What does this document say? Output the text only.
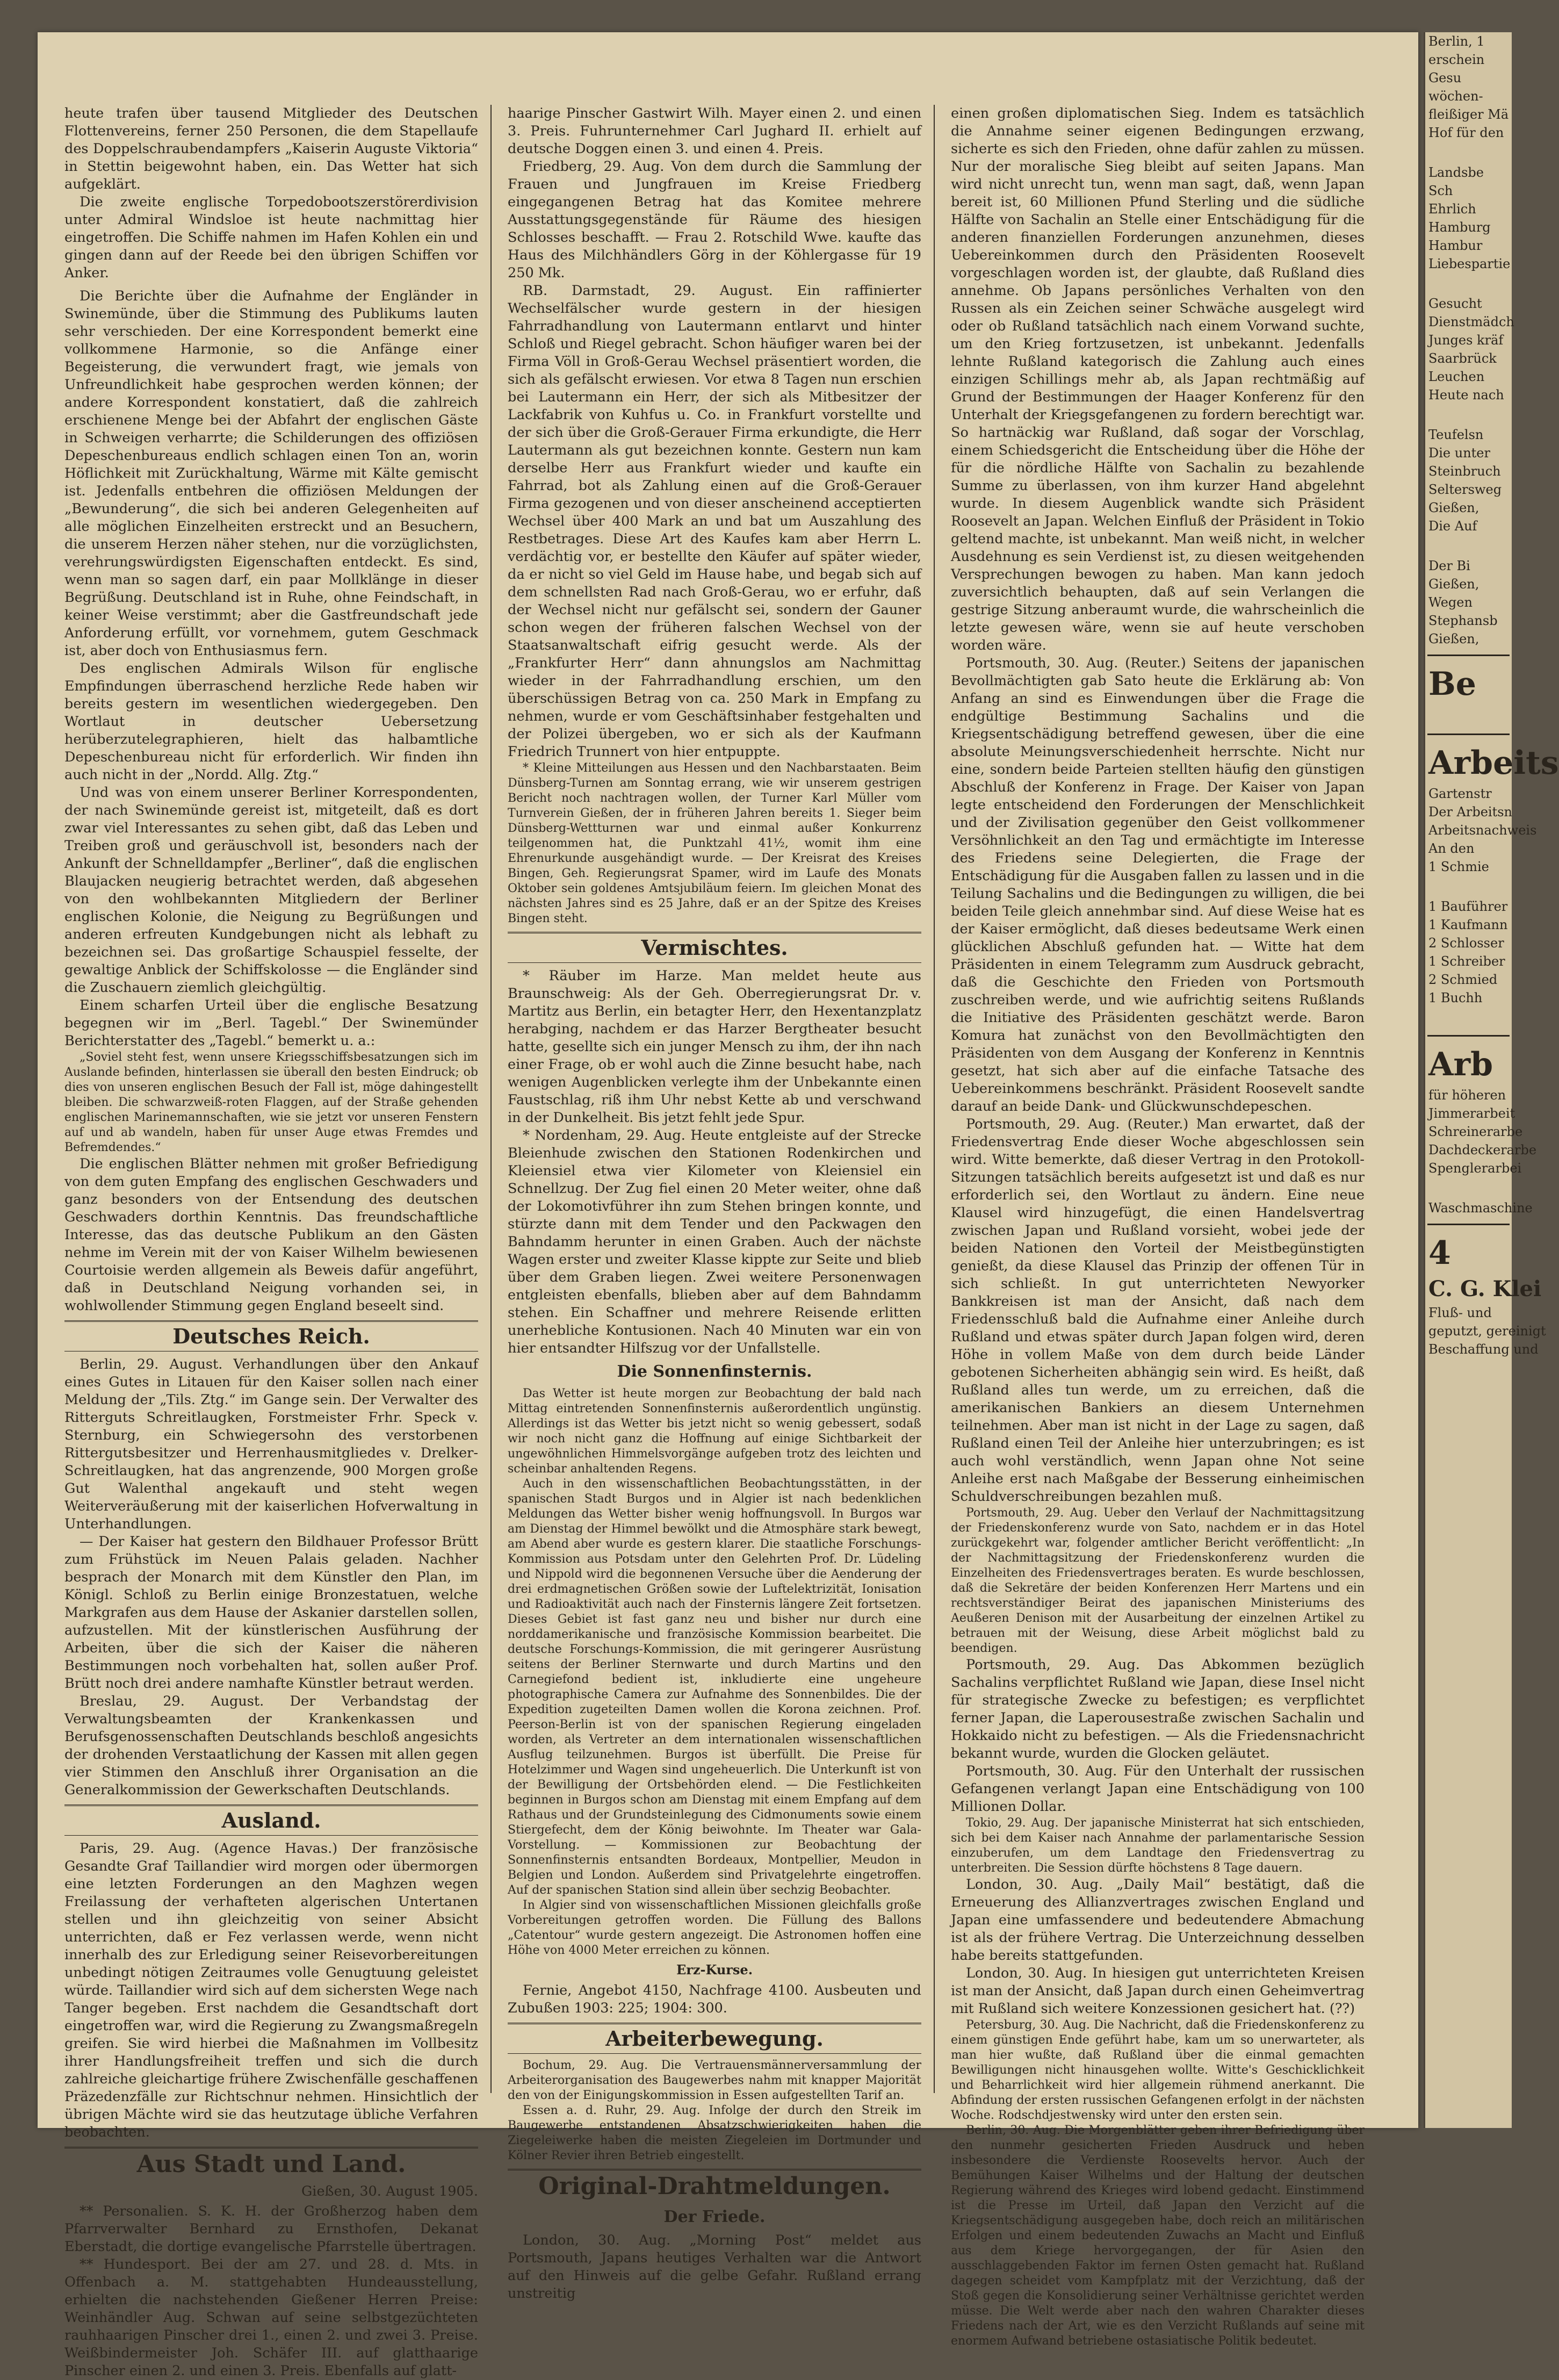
heute trafen über tausend Mitglieder des Deutschen Flottenvereins, ferner 250 Personen, die dem Stapellaufe des Doppelschraubendampfers „Kaiserin Auguste Viktoria“ in Stettin beigewohnt haben, ein. Das Wetter hat sich aufgeklärt.

Die zweite englische Torpedobootszerstörerdivision unter Admiral Windsloe ist heute nachmittag hier eingetroffen. Die Schiffe nahmen im Hafen Kohlen ein und gingen dann auf der Reede bei den übrigen Schiffen vor Anker.

Die Berichte über die Aufnahme der Engländer in Swinemünde, über die Stimmung des Publikums lauten sehr verschieden. Der eine Korrespondent bemerkt eine vollkommene Harmonie, so die Anfänge einer Begeisterung, die verwundert fragt, wie jemals von Unfreundlichkeit habe gesprochen werden können; der andere Korrespondent konstatiert, daß die zahlreich erschienene Menge bei der Abfahrt der englischen Gäste in Schweigen verharrte; die Schilderungen des offiziösen Depeschenbureaus endlich schlagen einen Ton an, worin Höflichkeit mit Zurückhaltung, Wärme mit Kälte gemischt ist. Jedenfalls entbehren die offiziösen Meldungen der „Bewunderung“, die sich bei anderen Gelegenheiten auf alle möglichen Einzelheiten erstreckt und an Besuchern, die unserem Herzen näher stehen, nur die vorzüglichsten, verehrungswürdigsten Eigenschaften entdeckt. Es sind, wenn man so sagen darf, ein paar Mollklänge in dieser Begrüßung. Deutschland ist in Ruhe, ohne Feindschaft, in keiner Weise verstimmt; aber die Gastfreundschaft jede Anforderung erfüllt, vor vornehmem, gutem Geschmack ist, aber doch von Enthusiasmus fern.

Des englischen Admirals Wilson für englische Empfindungen überraschend herzliche Rede haben wir bereits gestern im wesentlichen wiedergegeben. Den Wortlaut in deutscher Uebersetzung herüberzutelegraphieren, hielt das halbamtliche Depeschenbureau nicht für erforderlich. Wir finden ihn auch nicht in der „Nordd. Allg. Ztg.“

Und was von einem unserer Berliner Korrespondenten, der nach Swinemünde gereist ist, mitgeteilt, daß es dort zwar viel Interessantes zu sehen gibt, daß das Leben und Treiben groß und geräuschvoll ist, besonders nach der Ankunft der Schnelldampfer „Berliner“, daß die englischen Blaujacken neugierig betrachtet werden, daß abgesehen von den wohlbekannten Mitgliedern der Berliner englischen Kolonie, die Neigung zu Begrüßungen und anderen erfreuten Kundgebungen nicht als lebhaft zu bezeichnen sei. Das großartige Schauspiel fesselte, der gewaltige Anblick der Schiffskolosse — die Engländer sind die Zuschauern ziemlich gleichgültig.

Einem scharfen Urteil über die englische Besatzung begegnen wir im „Berl. Tagebl.“ Der Swinemünder Berichterstatter des „Tagebl.“ bemerkt u. a.:

„Soviel steht fest, wenn unsere Kriegsschiffsbesatzungen sich im Auslande befinden, hinterlassen sie überall den besten Eindruck; ob dies von unseren englischen Besuch der Fall ist, möge dahingestellt bleiben. Die schwarzweiß-roten Flaggen, auf der Straße gehenden englischen Marinemannschaften, wie sie jetzt vor unseren Fenstern auf und ab wandeln, haben für unser Auge etwas Fremdes und Befremdendes.“

Die englischen Blätter nehmen mit großer Befriedigung von dem guten Empfang des englischen Geschwaders und ganz besonders von der Entsendung des deutschen Geschwaders dorthin Kenntnis. Das freundschaftliche Interesse, das das deutsche Publikum an den Gästen nehme im Verein mit der von Kaiser Wilhelm bewiesenen Courtoisie werden allgemein als Beweis dafür angeführt, daß in Deutschland Neigung vorhanden sei, in wohlwollender Stimmung gegen England beseelt sind.

Deutsches Reich.

Berlin, 29. August. Verhandlungen über den Ankauf eines Gutes in Litauen für den Kaiser sollen nach einer Meldung der „Tils. Ztg.“ im Gange sein. Der Verwalter des Ritterguts Schreitlaugken, Forstmeister Frhr. Speck v. Sternburg, ein Schwiegersohn des verstorbenen Rittergutsbesitzer und Herrenhausmitgliedes v. Drelker-Schreitlaugken, hat das angrenzende, 900 Morgen große Gut Walenthal angekauft und steht wegen Weiterveräußerung mit der kaiserlichen Hofverwaltung in Unterhandlungen.

— Der Kaiser hat gestern den Bildhauer Professor Brütt zum Frühstück im Neuen Palais geladen. Nachher besprach der Monarch mit dem Künstler den Plan, im Königl. Schloß zu Berlin einige Bronzestatuen, welche Markgrafen aus dem Hause der Askanier darstellen sollen, aufzustellen. Mit der künstlerischen Ausführung der Arbeiten, über die sich der Kaiser die näheren Bestimmungen noch vorbehalten hat, sollen außer Prof. Brütt noch drei andere namhafte Künstler betraut werden.

Breslau, 29. August. Der Verbandstag der Verwaltungsbeamten der Krankenkassen und Berufsgenossenschaften Deutschlands beschloß angesichts der drohenden Verstaatlichung der Kassen mit allen gegen vier Stimmen den Anschluß ihrer Organisation an die Generalkommission der Gewerkschaften Deutschlands.

Ausland.

Paris, 29. Aug. (Agence Havas.) Der französische Gesandte Graf Taillandier wird morgen oder übermorgen eine letzten Forderungen an den Maghzen wegen Freilassung der verhafteten algerischen Untertanen stellen und ihn gleichzeitig von seiner Absicht unterrichten, daß er Fez verlassen werde, wenn nicht innerhalb des zur Erledigung seiner Reisevorbereitungen unbedingt nötigen Zeitraumes volle Genugtuung geleistet würde. Taillandier wird sich auf dem sichersten Wege nach Tanger begeben. Erst nachdem die Gesandtschaft dort eingetroffen war, wird die Regierung zu Zwangsmaßregeln greifen. Sie wird hierbei die Maßnahmen im Vollbesitz ihrer Handlungsfreiheit treffen und sich die durch zahlreiche gleichartige frühere Zwischenfälle geschaffenen Präzedenzfälle zur Richtschnur nehmen. Hinsichtlich der übrigen Mächte wird sie das heutzutage übliche Verfahren beobachten.

Aus Stadt und Land.
Gießen, 30. August 1905.

** Personalien. S. K. H. der Großherzog haben dem Pfarrverwalter Bernhard zu Ernsthofen, Dekanat Eberstadt, die dortige evangelische Pfarrstelle übertragen.

** Hundesport. Bei der am 27. und 28. d. Mts. in Offenbach a. M. stattgehabten Hundeausstellung, erhielten die nachstehenden Gießener Herren Preise: Weinhändler Aug. Schwan auf seine selbstgezüchteten rauhhaarigen Pinscher drei 1., einen 2. und zwei 3. Preise. Weißbindermeister Joh. Schäfer III. auf glatthaarige Pinscher einen 2. und einen 3. Preis. Ebenfalls auf glatt-

haarige Pinscher Gastwirt Wilh. Mayer einen 2. und einen 3. Preis. Fuhrunternehmer Carl Jughard II. erhielt auf deutsche Doggen einen 3. und einen 4. Preis.

Friedberg, 29. Aug. Von dem durch die Sammlung der Frauen und Jungfrauen im Kreise Friedberg eingegangenen Betrag hat das Komitee mehrere Ausstattungsgegenstände für Räume des hiesigen Schlosses beschafft. — Frau 2. Rotschild Wwe. kaufte das Haus des Milchhändlers Görg in der Köhlergasse für 19 250 Mk.

RB. Darmstadt, 29. August. Ein raffinierter Wechselfälscher wurde gestern in der hiesigen Fahrradhandlung von Lautermann entlarvt und hinter Schloß und Riegel gebracht. Schon häufiger waren bei der Firma Völl in Groß-Gerau Wechsel präsentiert worden, die sich als gefälscht erwiesen. Vor etwa 8 Tagen nun erschien bei Lautermann ein Herr, der sich als Mitbesitzer der Lackfabrik von Kuhfus u. Co. in Frankfurt vorstellte und der sich über die Groß-Gerauer Firma erkundigte, die Herr Lautermann als gut bezeichnen konnte. Gestern nun kam derselbe Herr aus Frankfurt wieder und kaufte ein Fahrrad, bot als Zahlung einen auf die Groß-Gerauer Firma gezogenen und von dieser anscheinend acceptierten Wechsel über 400 Mark an und bat um Auszahlung des Restbetrages. Diese Art des Kaufes kam aber Herrn L. verdächtig vor, er bestellte den Käufer auf später wieder, da er nicht so viel Geld im Hause habe, und begab sich auf dem schnellsten Rad nach Groß-Gerau, wo er erfuhr, daß der Wechsel nicht nur gefälscht sei, sondern der Gauner schon wegen der früheren falschen Wechsel von der Staatsanwaltschaft eifrig gesucht werde. Als der „Frankfurter Herr“ dann ahnungslos am Nachmittag wieder in der Fahrradhandlung erschien, um den überschüssigen Betrag von ca. 250 Mark in Empfang zu nehmen, wurde er vom Geschäftsinhaber festgehalten und der Polizei übergeben, wo er sich als der Kaufmann Friedrich Trunnert von hier entpuppte.

* Kleine Mitteilungen aus Hessen und den Nachbarstaaten. Beim Dünsberg-Turnen am Sonntag errang, wie wir unserem gestrigen Bericht noch nachtragen wollen, der Turner Karl Müller vom Turnverein Gießen, der in früheren Jahren bereits 1. Sieger beim Dünsberg-Wettturnen war und einmal außer Konkurrenz teilgenommen hat, die Punktzahl 41½, womit ihm eine Ehrenurkunde ausgehändigt wurde. — Der Kreisrat des Kreises Bingen, Geh. Regierungsrat Spamer, wird im Laufe des Monats Oktober sein goldenes Amtsjubiläum feiern. Im gleichen Monat des nächsten Jahres sind es 25 Jahre, daß er an der Spitze des Kreises Bingen steht.

Vermischtes.

* Räuber im Harze. Man meldet heute aus Braunschweig: Als der Geh. Oberregierungsrat Dr. v. Martitz aus Berlin, ein betagter Herr, den Hexentanzplatz herabging, nachdem er das Harzer Bergtheater besucht hatte, gesellte sich ein junger Mensch zu ihm, der ihn nach einer Frage, ob er wohl auch die Zinne besucht habe, nach wenigen Augenblicken verlegte ihm der Unbekannte einen Faustschlag, riß ihm Uhr nebst Kette ab und verschwand in der Dunkelheit. Bis jetzt fehlt jede Spur.

* Nordenham, 29. Aug. Heute entgleiste auf der Strecke Bleienhude zwischen den Stationen Rodenkirchen und Kleiensiel etwa vier Kilometer von Kleiensiel ein Schnellzug. Der Zug fiel einen 20 Meter weiter, ohne daß der Lokomotivführer ihn zum Stehen bringen konnte, und stürzte dann mit dem Tender und den Packwagen den Bahndamm herunter in einen Graben. Auch der nächste Wagen erster und zweiter Klasse kippte zur Seite und blieb über dem Graben liegen. Zwei weitere Personenwagen entgleisten ebenfalls, blieben aber auf dem Bahndamm stehen. Ein Schaffner und mehrere Reisende erlitten unerhebliche Kontusionen. Nach 40 Minuten war ein von hier entsandter Hilfszug vor der Unfallstelle.

Die Sonnenfinsternis.

Das Wetter ist heute morgen zur Beobachtung der bald nach Mittag eintretenden Sonnenfinsternis außerordentlich ungünstig. Allerdings ist das Wetter bis jetzt nicht so wenig gebessert, sodaß wir noch nicht ganz die Hoffnung auf einige Sichtbarkeit der ungewöhnlichen Himmelsvorgänge aufgeben trotz des leichten und scheinbar anhaltenden Regens.

Auch in den wissenschaftlichen Beobachtungsstätten, in der spanischen Stadt Burgos und in Algier ist nach bedenklichen Meldungen das Wetter bisher wenig hoffnungsvoll. In Burgos war am Dienstag der Himmel bewölkt und die Atmosphäre stark bewegt, am Abend aber wurde es gestern klarer. Die staatliche Forschungs-Kommission aus Potsdam unter den Gelehrten Prof. Dr. Lüdeling und Nippold wird die begonnenen Versuche über die Aenderung der drei erdmagnetischen Größen sowie der Luftelektrizität, Ionisation und Radioaktivität auch nach der Finsternis längere Zeit fortsetzen. Dieses Gebiet ist fast ganz neu und bisher nur durch eine norddamerikanische und französische Kommission bearbeitet. Die deutsche Forschungs-Kommission, die mit geringerer Ausrüstung seitens der Berliner Sternwarte und durch Martins und den Carnegiefond bedient ist, inkludierte eine ungeheure photographische Camera zur Aufnahme des Sonnenbildes. Die der Expedition zugeteilten Damen wollen die Korona zeichnen. Prof. Peerson-Berlin ist von der spanischen Regierung eingeladen worden, als Vertreter an dem internationalen wissenschaftlichen Ausflug teilzunehmen. Burgos ist überfüllt. Die Preise für Hotelzimmer und Wagen sind ungeheuerlich. Die Unterkunft ist von der Bewilligung der Ortsbehörden elend. — Die Festlichkeiten beginnen in Burgos schon am Dienstag mit einem Empfang auf dem Rathaus und der Grundsteinlegung des Cidmonuments sowie einem Stiergefecht, dem der König beiwohnte. Im Theater war Gala-Vorstellung. — Kommissionen zur Beobachtung der Sonnenfinsternis entsandten Bordeaux, Montpellier, Meudon in Belgien und London. Außerdem sind Privatgelehrte eingetroffen. Auf der spanischen Station sind allein über sechzig Beobachter.

In Algier sind von wissenschaftlichen Missionen gleichfalls große Vorbereitungen getroffen worden. Die Füllung des Ballons „Catentour“ wurde gestern angezeigt. Die Astronomen hoffen eine Höhe von 4000 Meter erreichen zu können.

Erz-Kurse.

Fernie, Angebot 4150, Nachfrage 4100. Ausbeuten und Zubußen 1903: 225; 1904: 300.

Arbeiterbewegung.

Bochum, 29. Aug. Die Vertrauensmännerversammlung der Arbeiterorganisation des Baugewerbes nahm mit knapper Majorität den von der Einigungskommission in Essen aufgestellten Tarif an.

Essen a. d. Ruhr, 29. Aug. Infolge der durch den Streik im Baugewerbe entstandenen Absatzschwierigkeiten haben die Ziegeleiwerke haben die meisten Ziegeleien im Dortmunder und Kölner Revier ihren Betrieb eingestellt.

Original-Drahtmeldungen.
Der Friede.

London, 30. Aug. „Morning Post“ meldet aus Portsmouth, Japans heutiges Verhalten war die Antwort auf den Hinweis auf die gelbe Gefahr. Rußland errang unstreitig

einen großen diplomatischen Sieg. Indem es tatsächlich die Annahme seiner eigenen Bedingungen erzwang, sicherte es sich den Frieden, ohne dafür zahlen zu müssen. Nur der moralische Sieg bleibt auf seiten Japans. Man wird nicht unrecht tun, wenn man sagt, daß, wenn Japan bereit ist, 60 Millionen Pfund Sterling und die südliche Hälfte von Sachalin an Stelle einer Entschädigung für die anderen finanziellen Forderungen anzunehmen, dieses Uebereinkommen durch den Präsidenten Roosevelt vorgeschlagen worden ist, der glaubte, daß Rußland dies annehme. Ob Japans persönliches Verhalten von den Russen als ein Zeichen seiner Schwäche ausgelegt wird oder ob Rußland tatsächlich nach einem Vorwand suchte, um den Krieg fortzusetzen, ist unbekannt. Jedenfalls lehnte Rußland kategorisch die Zahlung auch eines einzigen Schillings mehr ab, als Japan rechtmäßig auf Grund der Bestimmungen der Haager Konferenz für den Unterhalt der Kriegsgefangenen zu fordern berechtigt war. So hartnäckig war Rußland, daß sogar der Vorschlag, einem Schiedsgericht die Entscheidung über die Höhe der für die nördliche Hälfte von Sachalin zu bezahlende Summe zu überlassen, von ihm kurzer Hand abgelehnt wurde. In diesem Augenblick wandte sich Präsident Roosevelt an Japan. Welchen Einfluß der Präsident in Tokio geltend machte, ist unbekannt. Man weiß nicht, in welcher Ausdehnung es sein Verdienst ist, zu diesen weitgehenden Versprechungen bewogen zu haben. Man kann jedoch zuversichtlich behaupten, daß auf sein Verlangen die gestrige Sitzung anberaumt wurde, die wahrscheinlich die letzte gewesen wäre, wenn sie auf heute verschoben worden wäre.

Portsmouth, 30. Aug. (Reuter.) Seitens der japanischen Bevollmächtigten gab Sato heute die Erklärung ab: Von Anfang an sind es Einwendungen über die Frage die endgültige Bestimmung Sachalins und die Kriegsentschädigung betreffend gewesen, über die eine absolute Meinungsverschiedenheit herrschte. Nicht nur eine, sondern beide Parteien stellten häufig den günstigen Abschluß der Konferenz in Frage. Der Kaiser von Japan legte entscheidend den Forderungen der Menschlichkeit und der Zivilisation gegenüber den Geist vollkommener Versöhnlichkeit an den Tag und ermächtigte im Interesse des Friedens seine Delegierten, die Frage der Entschädigung für die Ausgaben fallen zu lassen und in die Teilung Sachalins und die Bedingungen zu willigen, die bei beiden Teile gleich annehmbar sind. Auf diese Weise hat es der Kaiser ermöglicht, daß dieses bedeutsame Werk einen glücklichen Abschluß gefunden hat. — Witte hat dem Präsidenten in einem Telegramm zum Ausdruck gebracht, daß die Geschichte den Frieden von Portsmouth zuschreiben werde, und wie aufrichtig seitens Rußlands die Initiative des Präsidenten geschätzt werde. Baron Komura hat zunächst von den Bevollmächtigten den Präsidenten von dem Ausgang der Konferenz in Kenntnis gesetzt, hat sich aber auf die einfache Tatsache des Uebereinkommens beschränkt. Präsident Roosevelt sandte darauf an beide Dank- und Glückwunschdepeschen.

Portsmouth, 29. Aug. (Reuter.) Man erwartet, daß der Friedensvertrag Ende dieser Woche abgeschlossen sein wird. Witte bemerkte, daß dieser Vertrag in den Protokoll-Sitzungen tatsächlich bereits aufgesetzt ist und daß es nur erforderlich sei, den Wortlaut zu ändern. Eine neue Klausel wird hinzugefügt, die einen Handelsvertrag zwischen Japan und Rußland vorsieht, wobei jede der beiden Nationen den Vorteil der Meistbegünstigten genießt, da diese Klausel das Prinzip der offenen Tür in sich schließt. In gut unterrichteten Newyorker Bankkreisen ist man der Ansicht, daß nach dem Friedensschluß bald die Aufnahme einer Anleihe durch Rußland und etwas später durch Japan folgen wird, deren Höhe in vollem Maße von dem durch beide Länder gebotenen Sicherheiten abhängig sein wird. Es heißt, daß Rußland alles tun werde, um zu erreichen, daß die amerikanischen Bankiers an diesem Unternehmen teilnehmen. Aber man ist nicht in der Lage zu sagen, daß Rußland einen Teil der Anleihe hier unterzubringen; es ist auch wohl verständlich, wenn Japan ohne Not seine Anleihe erst nach Maßgabe der Besserung einheimischen Schuldverschreibungen bezahlen muß.

Portsmouth, 29. Aug. Ueber den Verlauf der Nachmittagsitzung der Friedenskonferenz wurde von Sato, nachdem er in das Hotel zurückgekehrt war, folgender amtlicher Bericht veröffentlicht: „In der Nachmittagsitzung der Friedenskonferenz wurden die Einzelheiten des Friedensvertrages beraten. Es wurde beschlossen, daß die Sekretäre der beiden Konferenzen Herr Martens und ein rechtsverständiger Beirat des japanischen Ministeriums des Aeußeren Denison mit der Ausarbeitung der einzelnen Artikel zu betrauen mit der Weisung, diese Arbeit möglichst bald zu beendigen.

Portsmouth, 29. Aug. Das Abkommen bezüglich Sachalins verpflichtet Rußland wie Japan, diese Insel nicht für strategische Zwecke zu befestigen; es verpflichtet ferner Japan, die Laperousestraße zwischen Sachalin und Hokkaido nicht zu befestigen. — Als die Friedensnachricht bekannt wurde, wurden die Glocken geläutet.

Portsmouth, 30. Aug. Für den Unterhalt der russischen Gefangenen verlangt Japan eine Entschädigung von 100 Millionen Dollar.

Tokio, 29. Aug. Der japanische Ministerrat hat sich entschieden, sich bei dem Kaiser nach Annahme der parlamentarische Session einzuberufen, um dem Landtage den Friedensvertrag zu unterbreiten. Die Session dürfte höchstens 8 Tage dauern.

London, 30. Aug. „Daily Mail“ bestätigt, daß die Erneuerung des Allianzvertrages zwischen England und Japan eine umfassendere und bedeutendere Abmachung ist als der frühere Vertrag. Die Unterzeichnung desselben habe bereits stattgefunden.

London, 30. Aug. In hiesigen gut unterrichteten Kreisen ist man der Ansicht, daß Japan durch einen Geheimvertrag mit Rußland sich weitere Konzessionen gesichert hat. (??)

Petersburg, 30. Aug. Die Nachricht, daß die Friedenskonferenz zu einem günstigen Ende geführt habe, kam um so unerwarteter, als man hier wußte, daß Rußland über die einmal gemachten Bewilligungen nicht hinausgehen wollte. Witte's Geschicklichkeit und Beharrlichkeit wird hier allgemein rühmend anerkannt. Die Abfindung der ersten russischen Gefangenen erfolgt in der nächsten Woche. Rodschdjestwensky wird unter den ersten sein.

Berlin, 30. Aug. Die Morgenblätter geben ihrer Befriedigung über den nunmehr gesicherten Frieden Ausdruck und heben insbesondere die Verdienste Roosevelts hervor. Auch der Bemühungen Kaiser Wilhelms und der Haltung der deutschen Regierung während des Krieges wird lobend gedacht. Einstimmend ist die Presse im Urteil, daß Japan den Verzicht auf die Kriegsentschädigung ausgegeben habe, doch reich an militärischen Erfolgen und einem bedeutenden Zuwachs an Macht und Einfluß aus dem Kriege hervorgegangen, der für Asien den ausschlaggebenden Faktor im fernen Osten gemacht hat. Rußland dagegen scheidet vom Kampfplatz mit der Verzichtung, daß der Stoß gegen die Konsolidierung seiner Verhältnisse gerichtet werden müsse. Die Welt werde aber nach den wahren Charakter dieses Friedens nach der Art, wie es den Verzicht Rußlands auf seine mit enormem Aufwand betriebene ostasiatische Politik bedeutet.

Berlin, 1
erschein
Gesu
wöchen-
fleißiger Mä
Hof für den
Landsbe
Sch
Ehrlich
Hamburg
Hambur
Liebespartie
Gesucht
Dienstmädch
Junges kräf
Saarbrück
Leuchen
Heute nach
Teufelsn
Die unter
Steinbruch
Seltersweg
Gießen,
Die Auf
Der Bi
Gießen,
Wegen
Stephansb
Gießen,
Be
Arbeits
Gartenstr
Der Arbeitsn
Arbeitsnachweis
An den
1 Schmie
1 Bauführer
1 Kaufmann
2 Schlosser
1 Schreiber
2 Schmied
1 Buchh
Arb
für höheren
Jimmerarbeit
Schreinerarbe
Dachdeckerarbe
Spenglerarbei
Waschmaschine
4
C. G. Klei
Fluß- und
geputzt, gereinigt
Beschaffung und
